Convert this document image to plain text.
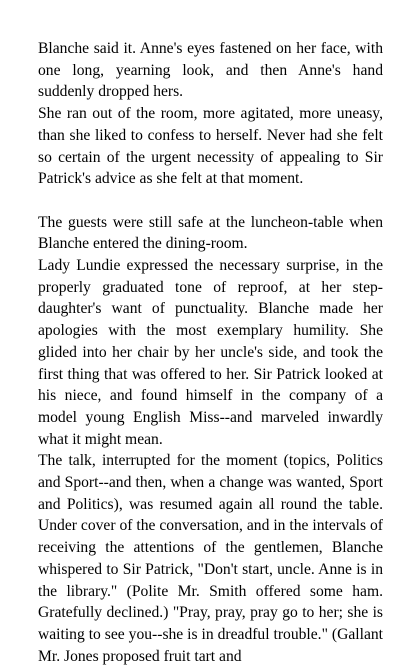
Blanche said it. Anne's eyes fastened on her face, with one long, yearning look, and then Anne's hand suddenly dropped hers.

She ran out of the room, more agitated, more uneasy, than she liked to confess to herself. Never had she felt so certain of the urgent necessity of appealing to Sir Patrick's advice as she felt at that moment.

The guests were still safe at the luncheon-table when Blanche entered the dining-room.

Lady Lundie expressed the necessary surprise, in the properly graduated tone of reproof, at her step-daughter's want of punctuality. Blanche made her apologies with the most exemplary humility. She glided into her chair by her uncle's side, and took the first thing that was offered to her. Sir Patrick looked at his niece, and found himself in the company of a model young English Miss--and marveled inwardly what it might mean.

The talk, interrupted for the moment (topics, Politics and Sport--and then, when a change was wanted, Sport and Politics), was resumed again all round the table. Under cover of the conversation, and in the intervals of receiving the attentions of the gentlemen, Blanche whispered to Sir Patrick, "Don't start, uncle. Anne is in the library." (Polite Mr. Smith offered some ham. Gratefully declined.) "Pray, pray, pray go to her; she is waiting to see you--she is in dreadful trouble." (Gallant Mr. Jones proposed fruit tart and
